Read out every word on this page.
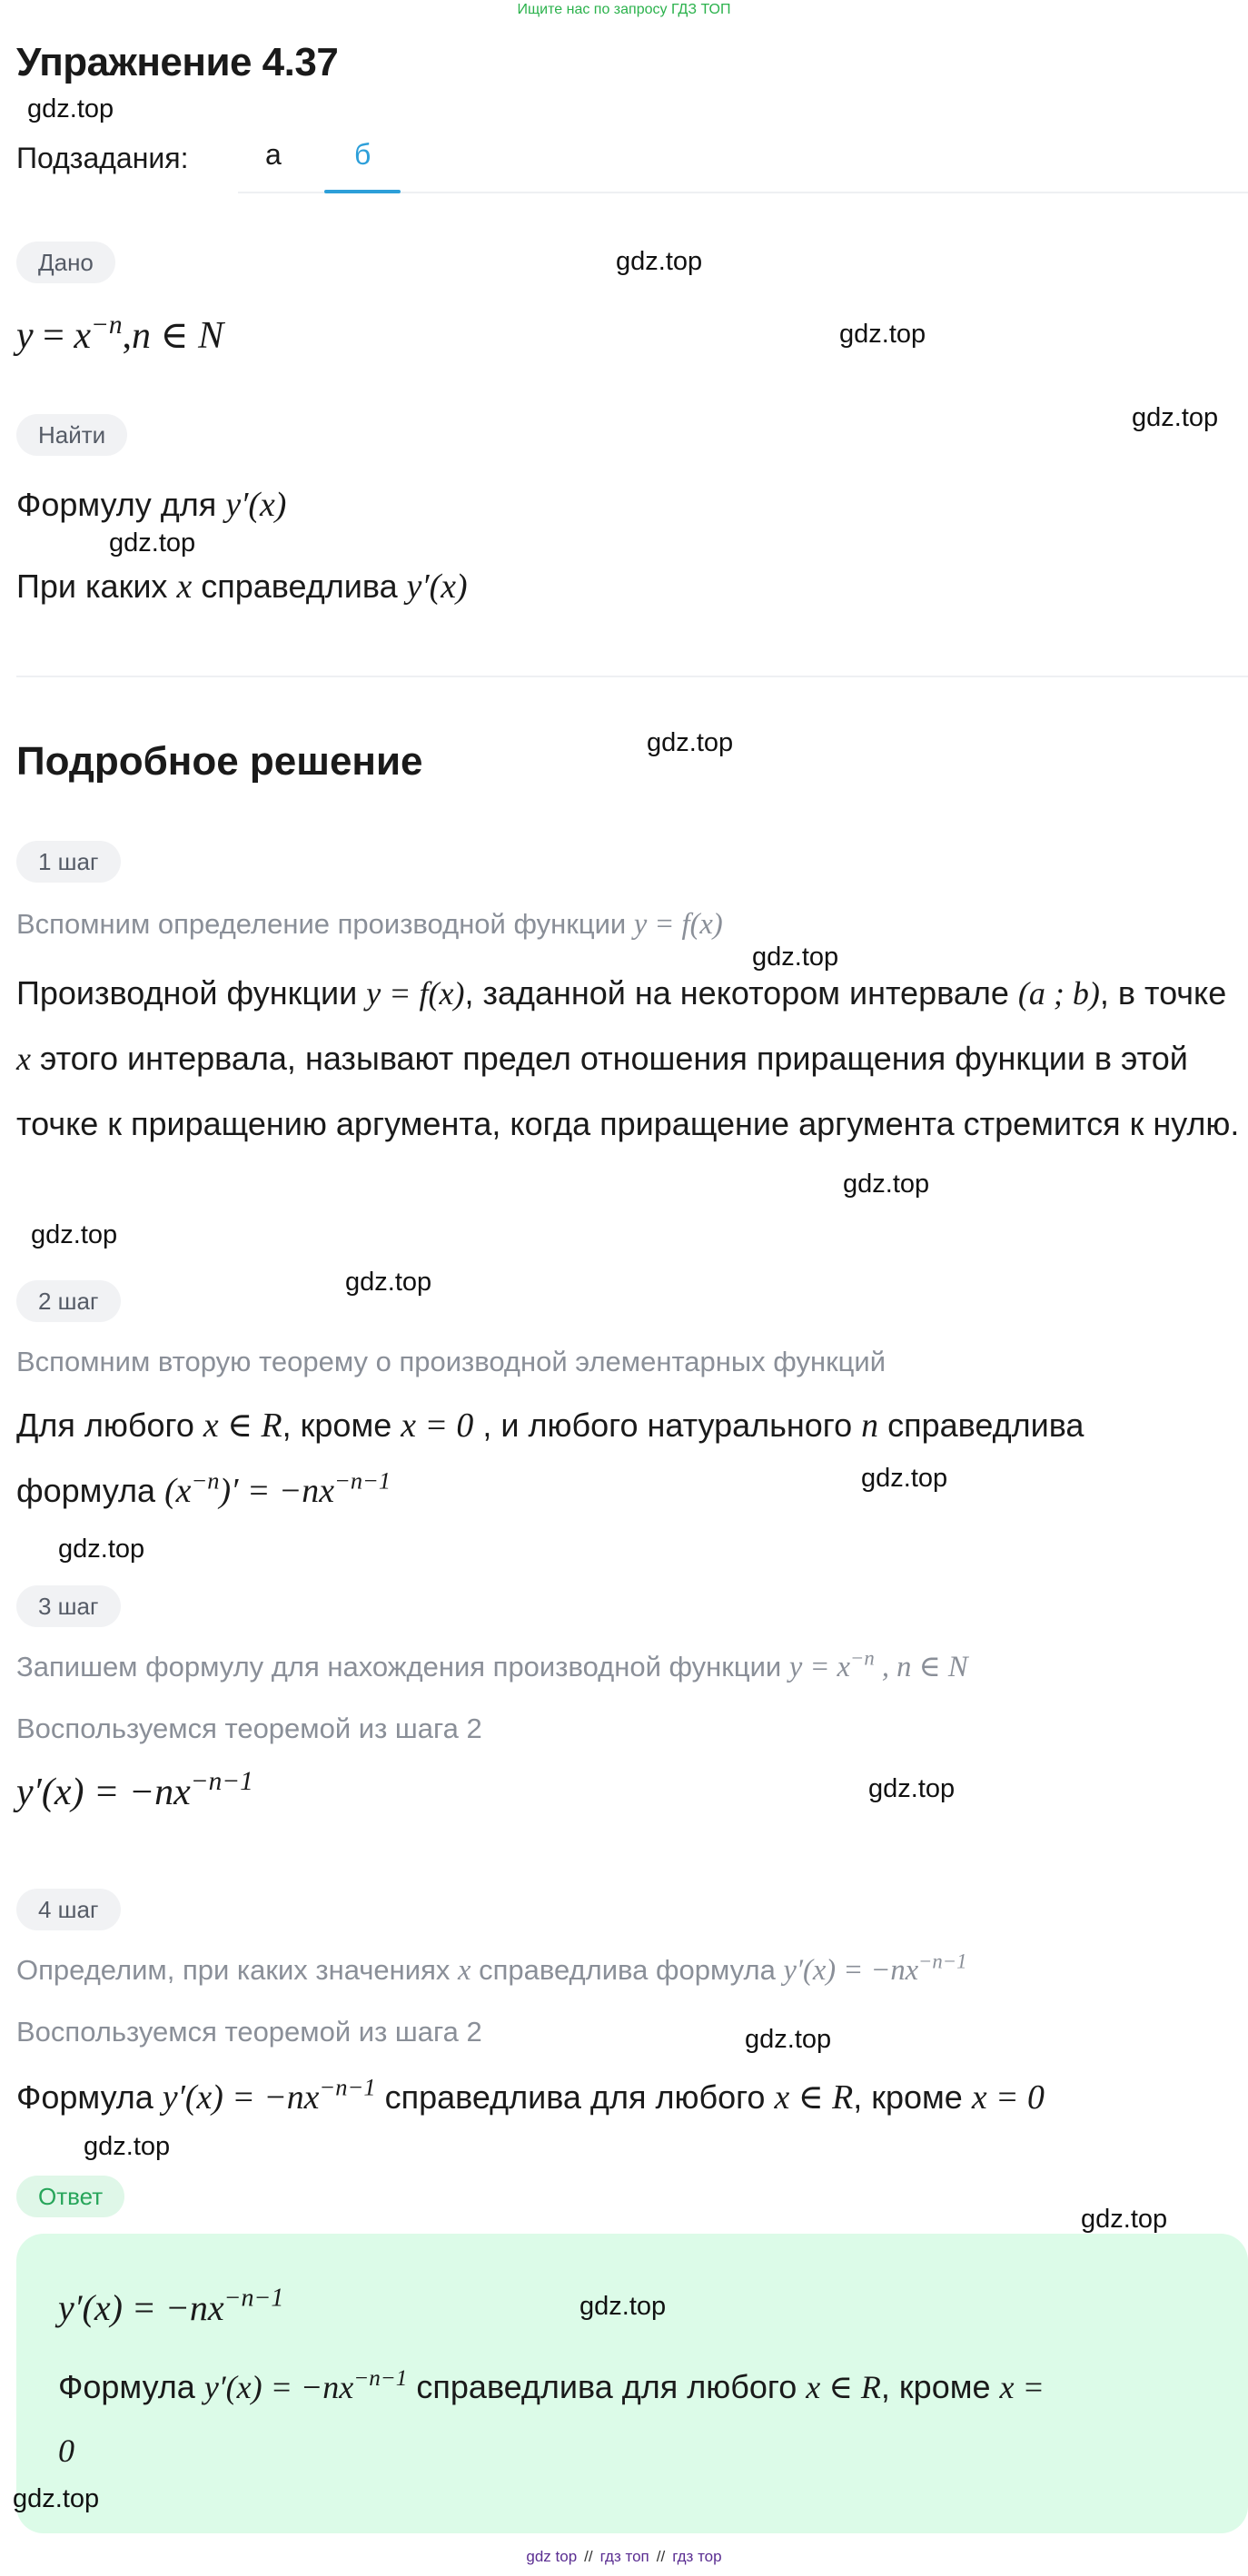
Ищите нас по запросу ГДЗ ТОП
Упражнение 4.37
Подзадания:	а	б
Дано
$y = x^{-n},n$ ∈ N
Найти
Формулу для y′(x)
При каких x справедлива y′(x)
Подробное решение
1 шаг
Вспомним определение производной функции y = f(x)
Производной функции y = f(x), заданной на некотором интервале (a ; b), в точке x этого интервала, называют предел отношения приращения функции в этой точке к приращению аргумента, когда приращение аргумента стремится к нулю.
2 шаг
Вспомним вторую теорему о производной элементарных функций
Для любого x ∈ R, кроме x = 0 , и любого натурального n справедлива
формула $(x^{-n})' = -nx^{-n-1}$
3 шаг
Запишем формулу для нахождения производной функции $y = x^{-n}$ , n ∈ N
Воспользуемся теоремой из шага 2
$y'(x) = -nx^{-n-1}$
4 шаг
Определим, при каких значениях x справедлива формула $y'(x) = -nx^{-n-1}$
Воспользуемся теоремой из шага 2
Формула $y'(x) = -nx^{-n-1}$ справедлива для любого x ∈ R, кроме x = 0
Ответ
$y'(x) = -nx^{-n-1}$
Формула $y'(x) = -nx^{-n-1}$ справедлива для любого x ∈ R, кроме x =
0
gdz.top
gdz.top
gdz.top
gdz.top
gdz.top
gdz.top
gdz.top
gdz.top
gdz.top
gdz.top
gdz.top
gdz.top
gdz.top
gdz.top
gdz.top
gdz.top
gdz.top
gdz.top
gdz top // гдз топ // гдз тор
